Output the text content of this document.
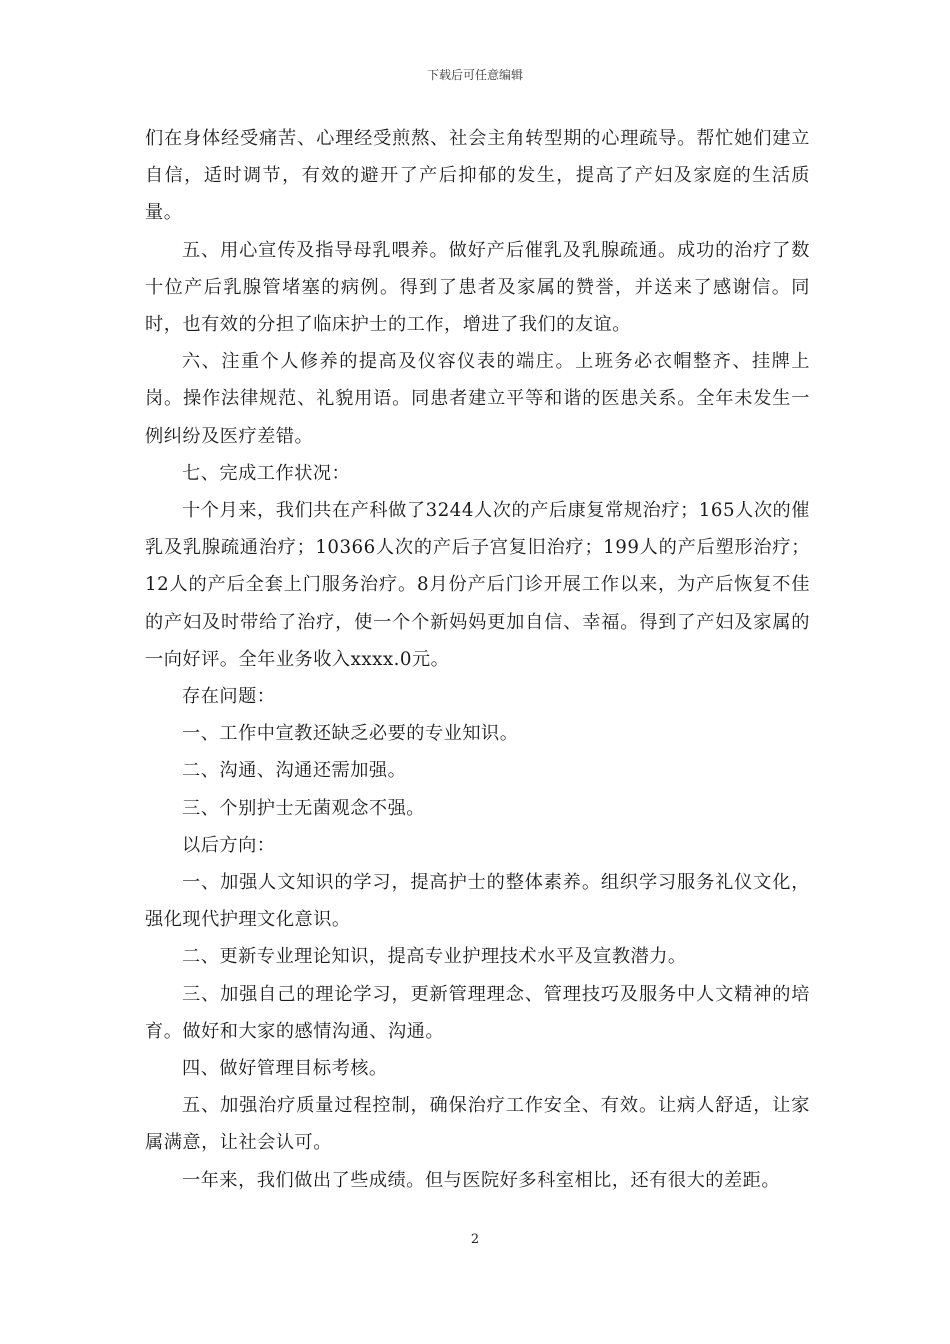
下载后可任意编辑

们在身体经受痛苦、心理经受煎熬、社会主角转型期的心理疏导。帮忙她们建立自信，适时调节，有效的避开了产后抑郁的发生，提高了产妇及家庭的生活质量。

五、用心宣传及指导母乳喂养。做好产后催乳及乳腺疏通。成功的治疗了数十位产后乳腺管堵塞的病例。得到了患者及家属的赞誉，并送来了感谢信。同时，也有效的分担了临床护士的工作，增进了我们的友谊。

六、注重个人修养的提高及仪容仪表的端庄。上班务必衣帽整齐、挂牌上岗。操作法律规范、礼貌用语。同患者建立平等和谐的医患关系。全年未发生一例纠纷及医疗差错。

七、完成工作状况：

十个月来，我们共在产科做了3244人次的产后康复常规治疗；165人次的催乳及乳腺疏通治疗；10366人次的产后子宫复旧治疗；199人的产后塑形治疗；12人的产后全套上门服务治疗。8月份产后门诊开展工作以来，为产后恢复不佳的产妇及时带给了治疗，使一个个新妈妈更加自信、幸福。得到了产妇及家属的一向好评。全年业务收入xxxx.0元。

存在问题：

一、工作中宣教还缺乏必要的专业知识。

二、沟通、沟通还需加强。

三、个别护士无菌观念不强。

以后方向：

一、加强人文知识的学习，提高护士的整体素养。组织学习服务礼仪文化，强化现代护理文化意识。

二、更新专业理论知识，提高专业护理技术水平及宣教潜力。

三、加强自己的理论学习，更新管理理念、管理技巧及服务中人文精神的培育。做好和大家的感情沟通、沟通。

四、做好管理目标考核。

五、加强治疗质量过程控制，确保治疗工作安全、有效。让病人舒适，让家属满意，让社会认可。

一年来，我们做出了些成绩。但与医院好多科室相比，还有很大的差距。

2
